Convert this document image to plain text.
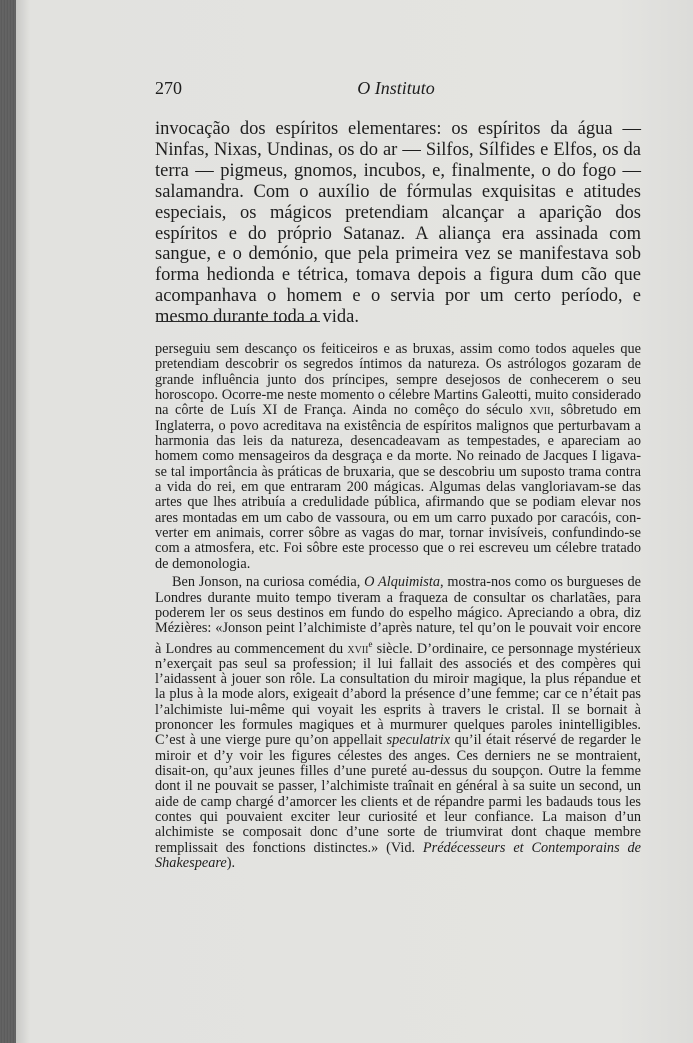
270	O Instituto

invocação dos espíritos elementares: os espíritos da água — Ninfas, Nixas, Undinas, os do ar — Silfos, Sílfides e Elfos, os da terra — pigmeus, gnomos, incubos, e, finalmente, o do fogo — salamandra. Com o auxílio de fórmulas exquisitas e atitudes especiais, os mágicos pretendiam alcançar a aparição dos espíritos e do próprio Satanaz. A aliança era assinada com sangue, e o demónio, que pela primeira vez se manifestava sob forma hedionda e tétrica, tomava depois a figura dum cão que acompanhava o homem e o servia por um certo período, e mesmo durante toda a vida.

perseguiu sem descanço os feiticeiros e as bruxas, assim como todos aqueles que pretendiam descobrir os segredos íntimos da natureza. Os astrólogos gozaram de grande influência junto dos príncipes, sempre desejosos de conhecerem o seu horoscopo. Ocorre-me neste momento o célebre Martins Galeotti, muito considerado na côrte de Luís XI de França. Ainda no comêço do século xvii, sôbretudo em Inglaterra, o povo acreditava na existência de espíritos malignos que perturbavam a harmonia das leis da natureza, desencadeavam as tempestades, e apareciam ao homem como mensageiros da desgraça e da morte. No reinado de Jacques I ligava-se tal importância às práticas de bruxaria, que se descobriu um suposto trama contra a vida do rei, em que entraram 200 mágicas. Algumas delas vangloriavam-se das artes que lhes atribuía a credulidade pública, afirmando que se podiam elevar nos ares montadas em um cabo de vassoura, ou em um carro puxado por caracóis, converter em animais, correr sôbre as vagas do mar, tornar invisíveis, confundindo-se com a atmosfera, etc. Foi sôbre este processo que o rei escreveu um célebre tratado de demonologia.

Ben Jonson, na curiosa comédia, O Alquimista, mostra-nos como os burgueses de Londres durante muito tempo tiveram a fraqueza de consultar os charlatães, para poderem ler os seus destinos em fundo do espelho mágico. Apreciando a obra, diz Mézières: «Jonson peint l’alchimiste d’après nature, tel qu’on le pouvait voir encore à Londres au commencement du xvii$^e$ siècle. D’ordinaire, ce personnage mystérieux n’exerçait pas seul sa profession; il lui fallait des associés et des compères qui l’aidassent à jouer son rôle. La consultation du miroir magique, la plus répandue et la plus à la mode alors, exigeait d’abord la présence d’une femme; car ce n’était pas l’alchimiste lui-même qui voyait les esprits à travers le cristal. Il se bornait à prononcer les formules magiques et à murmurer quelques paroles inintelligibles. C’est à une vierge pure qu’on appellait speculatrix qu’il était réservé de regarder le miroir et d’y voir les figures célestes des anges. Ces derniers ne se montraient, disait-on, qu’aux jeunes filles d’une pureté au-dessus du soupçon. Outre la femme dont il ne pouvait se passer, l’alchimiste traînait en général à sa suite un second, un aide de camp chargé d’amorcer les clients et de répandre parmi les badauds tous les contes qui pouvaient exciter leur curiosité et leur confiance. La maison d’un alchimiste se composait donc d’une sorte de triumvirat dont chaque membre remplissait des fonctions distinctes.» (Vid. Prédécesseurs et Contemporains de Shakespeare).
